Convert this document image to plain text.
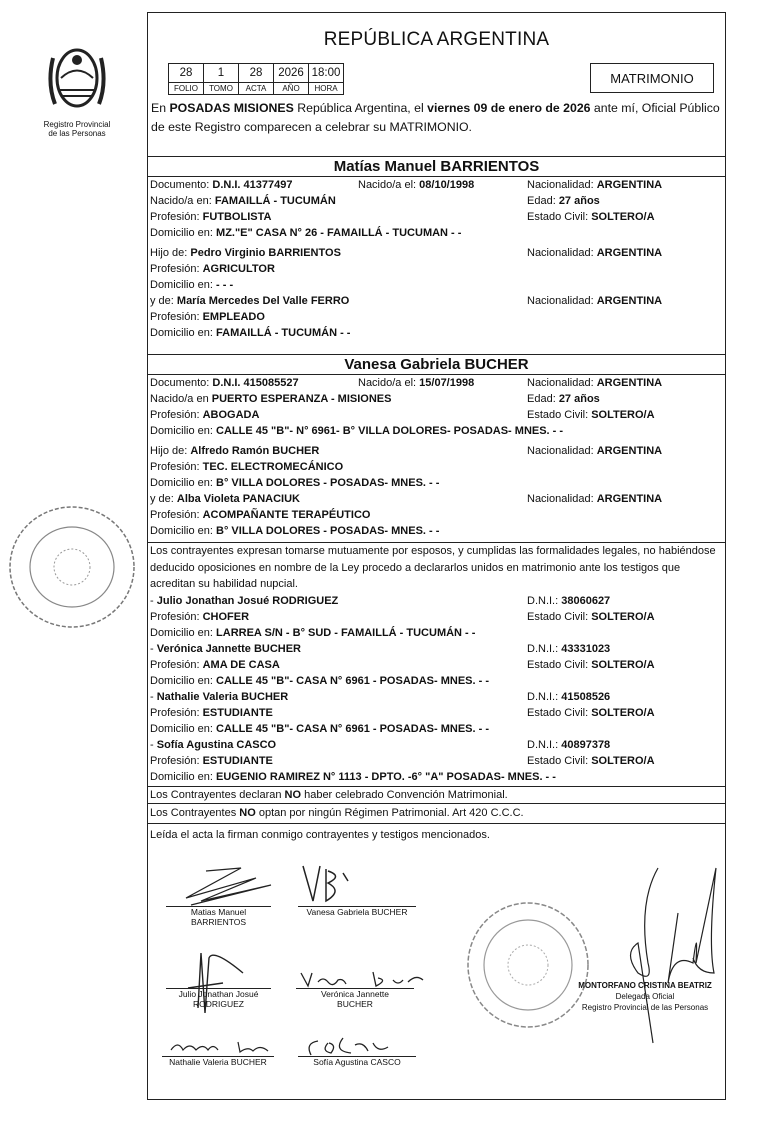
Registro Provincial
de las Personas
REPÚBLICA ARGENTINA
28	1	28	2026	18:00
FOLIO	TOMO	ACTA	AÑO	HORA
MATRIMONIO
En POSADAS MISIONES República Argentina, el viernes 09 de enero de 2026 ante mí, Oficial Público de este Registro comparecen a celebrar su MATRIMONIO.
Matías Manuel BARRIENTOS
Documento: D.N.I. 41377497	Nacido/a el: 08/10/1998	Nacionalidad: ARGENTINA
Nacido/a en: FAMAILLÁ - TUCUMÁN	Edad: 27 años
Profesión: FUTBOLISTA	Estado Civil: SOLTERO/A
Domicilio en: MZ."E" CASA N° 26 - FAMAILLÁ - TUCUMAN - -
Hijo de: Pedro Virginio BARRIENTOS	Nacionalidad: ARGENTINA
Profesión: AGRICULTOR
Domicilio en: - - -
y de: María Mercedes Del Valle FERRO	Nacionalidad: ARGENTINA
Profesión: EMPLEADO
Domicilio en: FAMAILLÁ - TUCUMÁN - -
Vanesa Gabriela BUCHER
Documento: D.N.I. 415085527	Nacido/a el: 15/07/1998	Nacionalidad: ARGENTINA
Nacido/a en PUERTO ESPERANZA - MISIONES	Edad: 27 años
Profesión: ABOGADA	Estado Civil: SOLTERO/A
Domicilio en: CALLE 45 "B"- N° 6961- B° VILLA DOLORES- POSADAS- MNES. - -
Hijo de: Alfredo Ramón BUCHER	Nacionalidad: ARGENTINA
Profesión: TEC. ELECTROMECÁNICO
Domicilio en: B° VILLA DOLORES - POSADAS- MNES. - -
y de: Alba Violeta PANACIUK	Nacionalidad: ARGENTINA
Profesión: ACOMPAÑANTE TERAPÉUTICO
Domicilio en: B° VILLA DOLORES - POSADAS- MNES. - -
Los contrayentes expresan tomarse mutuamente por esposos, y cumplidas las formalidades legales, no habiéndose deducido oposiciones en nombre de la Ley procedo a declararlos unidos en matrimonio ante los testigos que acreditan su habilidad nupcial.
- Julio Jonathan Josué RODRIGUEZ	D.N.I.: 38060627
Profesión: CHOFER	Estado Civil: SOLTERO/A
Domicilio en: LARREA S/N - B° SUD - FAMAILLÁ - TUCUMÁN - -
- Verónica Jannette BUCHER	D.N.I.: 43331023
Profesión: AMA DE CASA	Estado Civil: SOLTERO/A
Domicilio en: CALLE 45 "B"- CASA N° 6961 - POSADAS- MNES. - -
- Nathalie Valeria BUCHER	D.N.I.: 41508526
Profesión: ESTUDIANTE	Estado Civil: SOLTERO/A
Domicilio en: CALLE 45 "B"- CASA N° 6961 - POSADAS- MNES. - -
- Sofía Agustina CASCO	D.N.I.: 40897378
Profesión: ESTUDIANTE	Estado Civil: SOLTERO/A
Domicilio en: EUGENIO RAMIREZ N° 1113 - DPTO. -6° "A" POSADAS- MNES. - -
Los Contrayentes declaran NO haber celebrado Convención Matrimonial.
Los Contrayentes NO optan por ningún Régimen Patrimonial. Art 420 C.C.C.
Leída el acta la firman conmigo contrayentes y testigos mencionados.
Matias Manuel
BARRIENTOS
Vanesa Gabriela BUCHER
Julio Jonathan Josué
RODRIGUEZ
Verónica Jannette
BUCHER
Nathalie Valeria BUCHER	Sofía Agustina CASCO
MONTORFANO CRISTINA BEATRIZ
Delegada Oficial
Registro Provincial de las Personas
